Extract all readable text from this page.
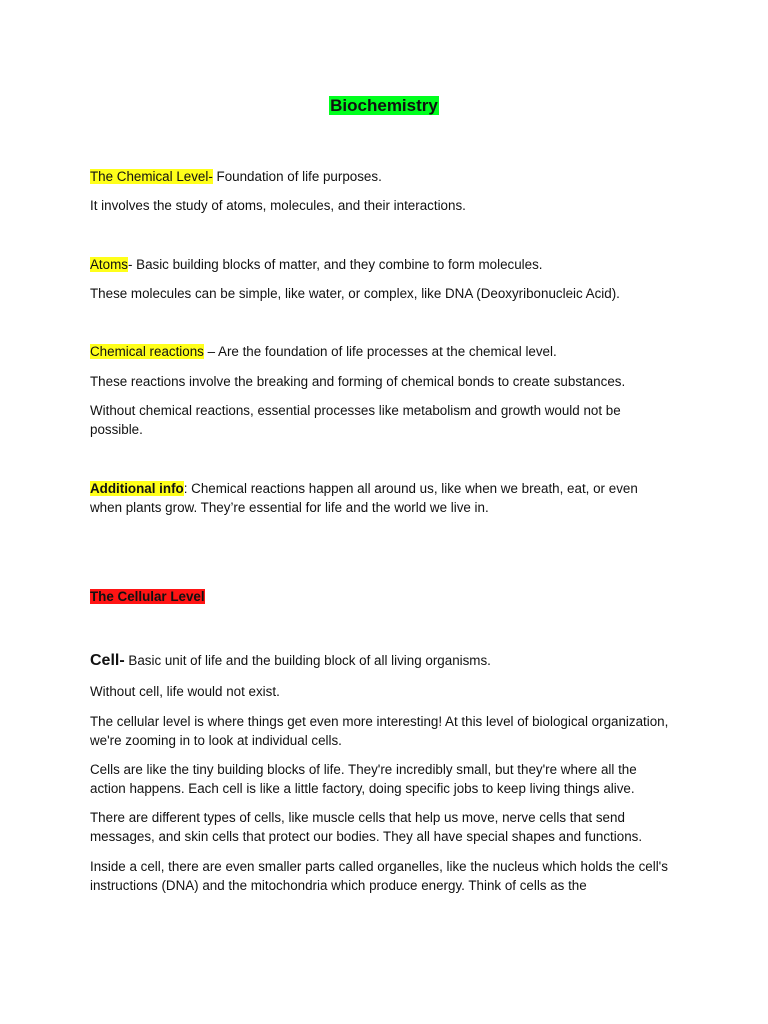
Biochemistry

The Chemical Level- Foundation of life purposes.

It involves the study of atoms, molecules, and their interactions.

Atoms- Basic building blocks of matter, and they combine to form molecules.

These molecules can be simple, like water, or complex, like DNA (Deoxyribonucleic Acid).

Chemical reactions – Are the foundation of life processes at the chemical level.

These reactions involve the breaking and forming of chemical bonds to create substances.

Without chemical reactions, essential processes like metabolism and growth would not be possible.

Additional info: Chemical reactions happen all around us, like when we breath, eat, or even when plants grow. They’re essential for life and the world we live in.

The Cellular Level

Cell- Basic unit of life and the building block of all living organisms.

Without cell, life would not exist.

The cellular level is where things get even more interesting! At this level of biological organization, we're zooming in to look at individual cells.

Cells are like the tiny building blocks of life. They're incredibly small, but they're where all the action happens. Each cell is like a little factory, doing specific jobs to keep living things alive.

There are different types of cells, like muscle cells that help us move, nerve cells that send messages, and skin cells that protect our bodies. They all have special shapes and functions.

Inside a cell, there are even smaller parts called organelles, like the nucleus which holds the cell's instructions (DNA) and the mitochondria which produce energy. Think of cells as the
